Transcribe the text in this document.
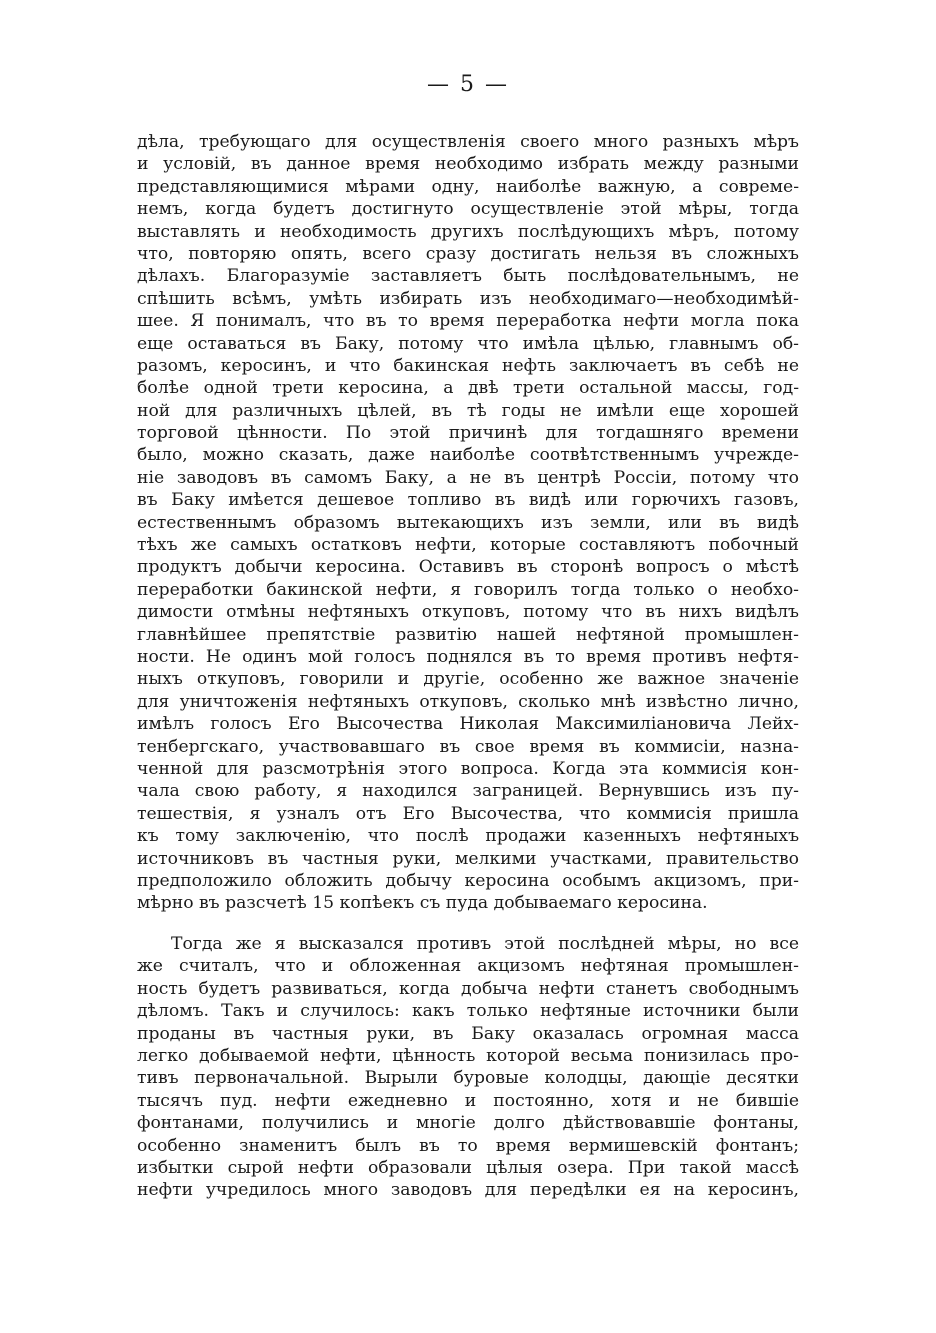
— 5 —
дѣла, требующаго для осуществленія своего много разныхъ мѣръ
и условій, въ данное время необходимо избрать между разными
представляющимися мѣрами одну, наиболѣе важную, а совреме-
немъ, когда будетъ достигнуто осуществленіе этой мѣры, тогда
выставлять и необходимость другихъ послѣдующихъ мѣръ, потому
что, повторяю опять, всего сразу достигать нельзя въ сложныхъ
дѣлахъ. Благоразуміе заставляетъ быть послѣдовательнымъ, не
спѣшить всѣмъ, умѣть избирать изъ необходимаго—необходимѣй-
шее. Я понималъ, что въ то время переработка нефти могла пока
еще оставаться въ Баку, потому что имѣла цѣлью, главнымъ об-
разомъ, керосинъ, и что бакинская нефть заключаетъ въ себѣ не
болѣе одной трети керосина, а двѣ трети остальной массы, год-
ной для различныхъ цѣлей, въ тѣ годы не имѣли еще хорошей
торговой цѣнности. По этой причинѣ для тогдашняго времени
было, можно сказать, даже наиболѣе соотвѣтственнымъ учрежде-
ніе заводовъ въ самомъ Баку, а не въ центрѣ Россіи, потому что
въ Баку имѣется дешевое топливо въ видѣ или горючихъ газовъ,
естественнымъ образомъ вытекающихъ изъ земли, или въ видѣ
тѣхъ же самыхъ остатковъ нефти, которые составляютъ побочный
продуктъ добычи керосина. Оставивъ въ сторонѣ вопросъ о мѣстѣ
переработки бакинской нефти, я говорилъ тогда только о необхо-
димости отмѣны нефтяныхъ откуповъ, потому что въ нихъ видѣлъ
главнѣйшее препятствіе развитію нашей нефтяной промышлен-
ности. Не одинъ мой голосъ поднялся въ то время противъ нефтя-
ныхъ откуповъ, говорили и другіе, особенно же важное значеніе
для уничтоженія нефтяныхъ откуповъ, сколько мнѣ извѣстно лично,
имѣлъ голосъ Его Высочества Николая Максимиліановича Лейх-
тенбергскаго, участвовавшаго въ свое время въ коммисіи, назна-
ченной для разсмотрѣнія этого вопроса. Когда эта коммисія кон-
чала свою работу, я находился заграницей. Вернувшись изъ пу-
тешествія, я узналъ отъ Его Высочества, что коммисія пришла
къ тому заключенію, что послѣ продажи казенныхъ нефтяныхъ
источниковъ въ частныя руки, мелкими участками, правительство
предположило обложить добычу керосина особымъ акцизомъ, при-
мѣрно въ разсчетѣ 15 копѣекъ съ пуда добываемаго керосина.
Тогда же я высказался противъ этой послѣдней мѣры, но все
же считалъ, что и обложенная акцизомъ нефтяная промышлен-
ность будетъ развиваться, когда добыча нефти станетъ свободнымъ
дѣломъ. Такъ и случилось: какъ только нефтяные источники были
проданы въ частныя руки, въ Баку оказалась огромная масса
легко добываемой нефти, цѣнность которой весьма понизилась про-
тивъ первоначальной. Вырыли буровые колодцы, дающіе десятки
тысячъ пуд. нефти ежедневно и постоянно, хотя и не бившіе
фонтанами, получились и многіе долго дѣйствовавшіе фонтаны,
особенно знаменитъ былъ въ то время вермишевскій фонтанъ;
избытки сырой нефти образовали цѣлыя озера. При такой массѣ
нефти учредилось много заводовъ для передѣлки ея на керосинъ,
